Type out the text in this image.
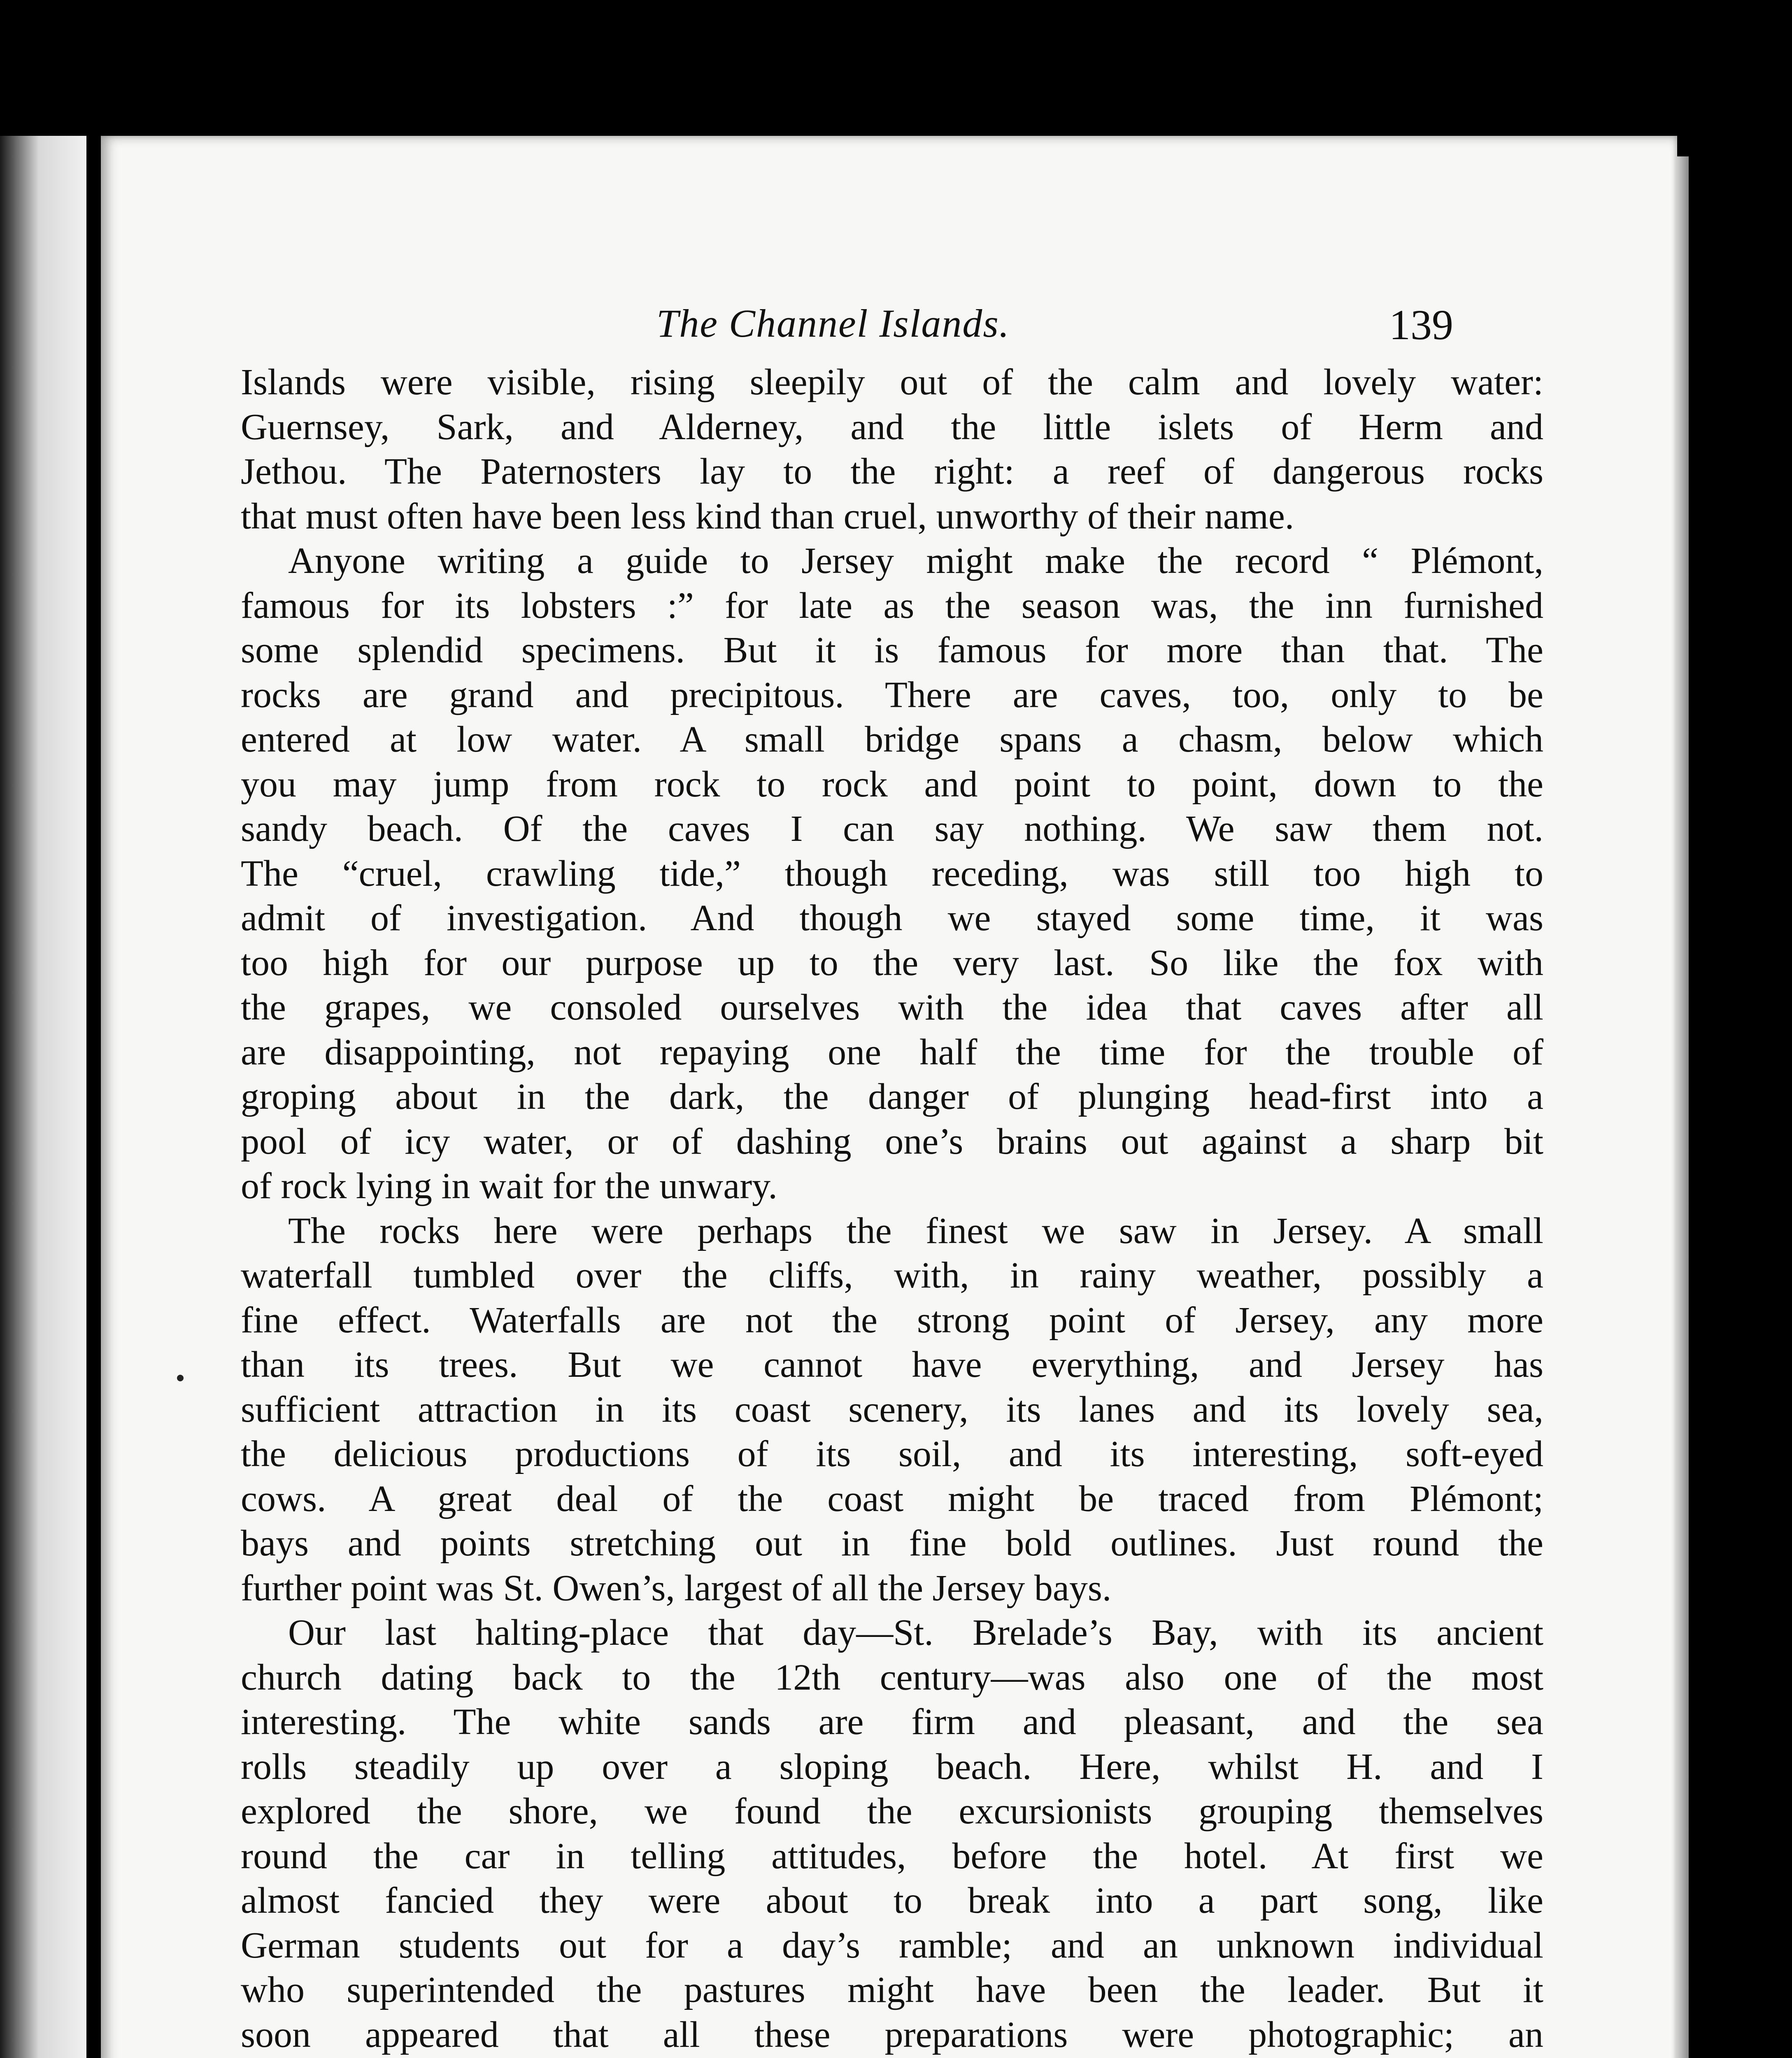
The Channel Islands.	139
Islands were visible, rising sleepily out of the calm and lovely water:
Guernsey, Sark, and Alderney, and the little islets of Herm and
Jethou. The Paternosters lay to the right: a reef of dangerous rocks
that must often have been less kind than cruel, unworthy of their name.
Anyone writing a guide to Jersey might make the record “ Plémont,
famous for its lobsters :” for late as the season was, the inn furnished
some splendid specimens. But it is famous for more than that. The
rocks are grand and precipitous. There are caves, too, only to be
entered at low water. A small bridge spans a chasm, below which
you may jump from rock to rock and point to point, down to the
sandy beach. Of the caves I can say nothing. We saw them not.
The “cruel, crawling tide,” though receding, was still too high to
admit of investigation. And though we stayed some time, it was
too high for our purpose up to the very last. So like the fox with
the grapes, we consoled ourselves with the idea that caves after all
are disappointing, not repaying one half the time for the trouble of
groping about in the dark, the danger of plunging head-first into a
pool of icy water, or of dashing one’s brains out against a sharp bit
of rock lying in wait for the unwary.
The rocks here were perhaps the finest we saw in Jersey. A small
waterfall tumbled over the cliffs, with, in rainy weather, possibly a
fine effect. Waterfalls are not the strong point of Jersey, any more
than its trees. But we cannot have everything, and Jersey has
sufficient attraction in its coast scenery, its lanes and its lovely sea,
the delicious productions of its soil, and its interesting, soft-eyed
cows. A great deal of the coast might be traced from Plémont;
bays and points stretching out in fine bold outlines. Just round the
further point was St. Owen’s, largest of all the Jersey bays.
Our last halting-place that day—St. Brelade’s Bay, with its ancient
church dating back to the 12th century—was also one of the most
interesting. The white sands are firm and pleasant, and the sea
rolls steadily up over a sloping beach. Here, whilst H. and I
explored the shore, we found the excursionists grouping themselves
round the car in telling attitudes, before the hotel. At first we
almost fancied they were about to break into a part song, like
German students out for a day’s ramble; and an unknown individual
who superintended the pastures might have been the leader. But it
soon appeared that all these preparations were photographic; an
